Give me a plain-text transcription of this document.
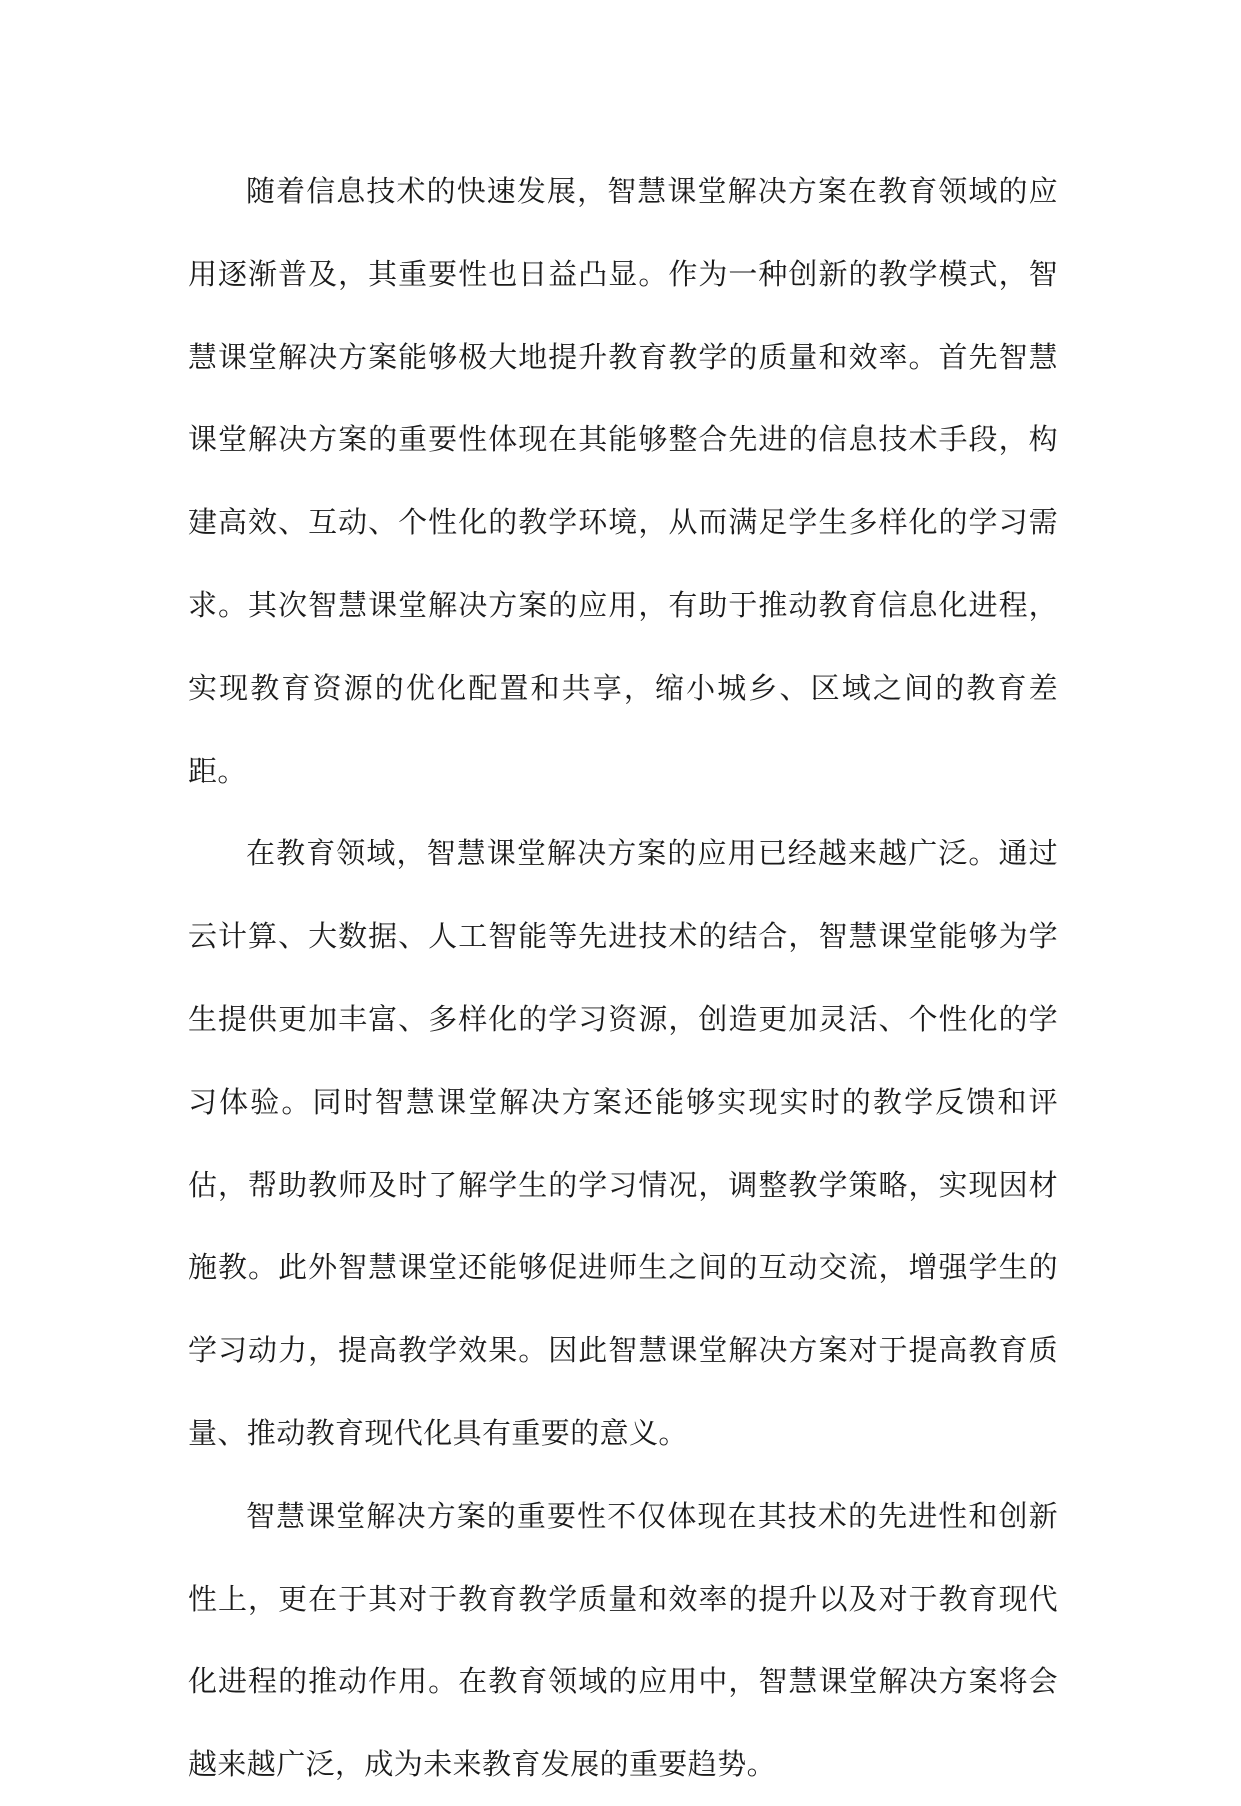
随着信息技术的快速发展，智慧课堂解决方案在教育领域的应用逐渐普及，其重要性也日益凸显。作为一种创新的教学模式，智慧课堂解决方案能够极大地提升教育教学的质量和效率。首先智慧课堂解决方案的重要性体现在其能够整合先进的信息技术手段，构建高效、互动、个性化的教学环境，从而满足学生多样化的学习需求。其次智慧课堂解决方案的应用，有助于推动教育信息化进程，实现教育资源的优化配置和共享，缩小城乡、区域之间的教育差距。

在教育领域，智慧课堂解决方案的应用已经越来越广泛。通过云计算、大数据、人工智能等先进技术的结合，智慧课堂能够为学生提供更加丰富、多样化的学习资源，创造更加灵活、个性化的学习体验。同时智慧课堂解决方案还能够实现实时的教学反馈和评估，帮助教师及时了解学生的学习情况，调整教学策略，实现因材施教。此外智慧课堂还能够促进师生之间的互动交流，增强学生的学习动力，提高教学效果。因此智慧课堂解决方案对于提高教育质量、推动教育现代化具有重要的意义。

智慧课堂解决方案的重要性不仅体现在其技术的先进性和创新性上，更在于其对于教育教学质量和效率的提升以及对于教育现代化进程的推动作用。在教育领域的应用中，智慧课堂解决方案将会越来越广泛，成为未来教育发展的重要趋势。
